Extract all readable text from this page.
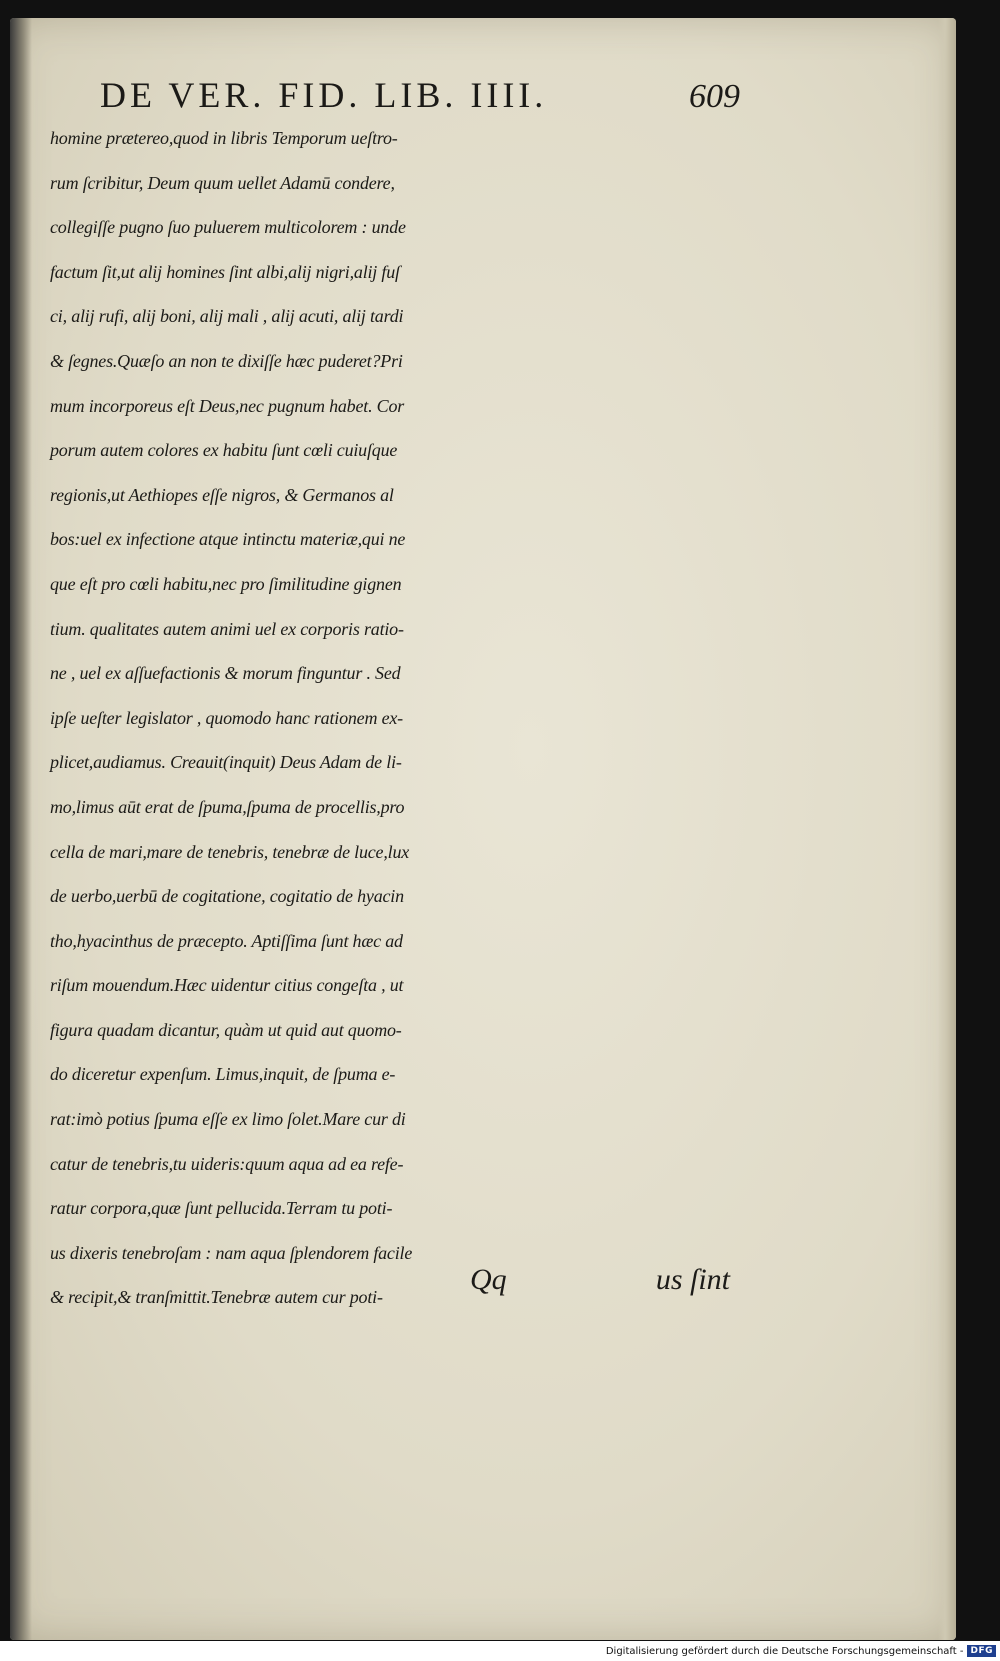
DE VER. FID. LIB. IIII.	609
homine prætereo,quod in libris Temporum ueſtro-
rum ſcribitur, Deum quum uellet Adamū condere,
collegiſſe pugno ſuo puluerem multicolorem : unde
factum ſit,ut alij homines ſint albi,alij nigri,alij fuſ
ci, alij rufi, alij boni, alij mali , alij acuti, alij tardi
& ſegnes.Quæſo an non te dixiſſe hæc puderet?Pri
mum incorporeus eſt Deus,nec pugnum habet. Cor
porum autem colores ex habitu ſunt cœli cuiuſque
regionis,ut Aethiopes eſſe nigros, & Germanos al
bos:uel ex infectione atque intinctu materiæ,qui ne
que eſt pro cœli habitu,nec pro ſimilitudine gignen
tium. qualitates autem animi uel ex corporis ratio-
ne , uel ex aſſuefactionis & morum finguntur . Sed
ipſe ueſter legislator , quomodo hanc rationem ex-
plicet,audiamus. Creauit(inquit) Deus Adam de li-
mo,limus aūt erat de ſpuma,ſpuma de procellis,pro
cella de mari,mare de tenebris, tenebræ de luce,lux
de uerbo,uerbū de cogitatione, cogitatio de hyacin
tho,hyacinthus de præcepto. Aptiſſima ſunt hæc ad
riſum mouendum.Hæc uidentur citius congeſta , ut
figura quadam dicantur, quàm ut quid aut quomo-
do diceretur expenſum. Limus,inquit, de ſpuma e-
rat:imò potius ſpuma eſſe ex limo ſolet.Mare cur di
catur de tenebris,tu uideris:quum aqua ad ea refe-
ratur corpora,quæ ſunt pellucida.Terram tu poti-
us dixeris tenebroſam : nam aqua ſplendorem facile
& recipit,& tranſmittit.Tenebræ autem cur poti-
Qq	us ſint
Digitalisierung gefördert durch die Deutsche Forschungsgemeinschaft - DFG
